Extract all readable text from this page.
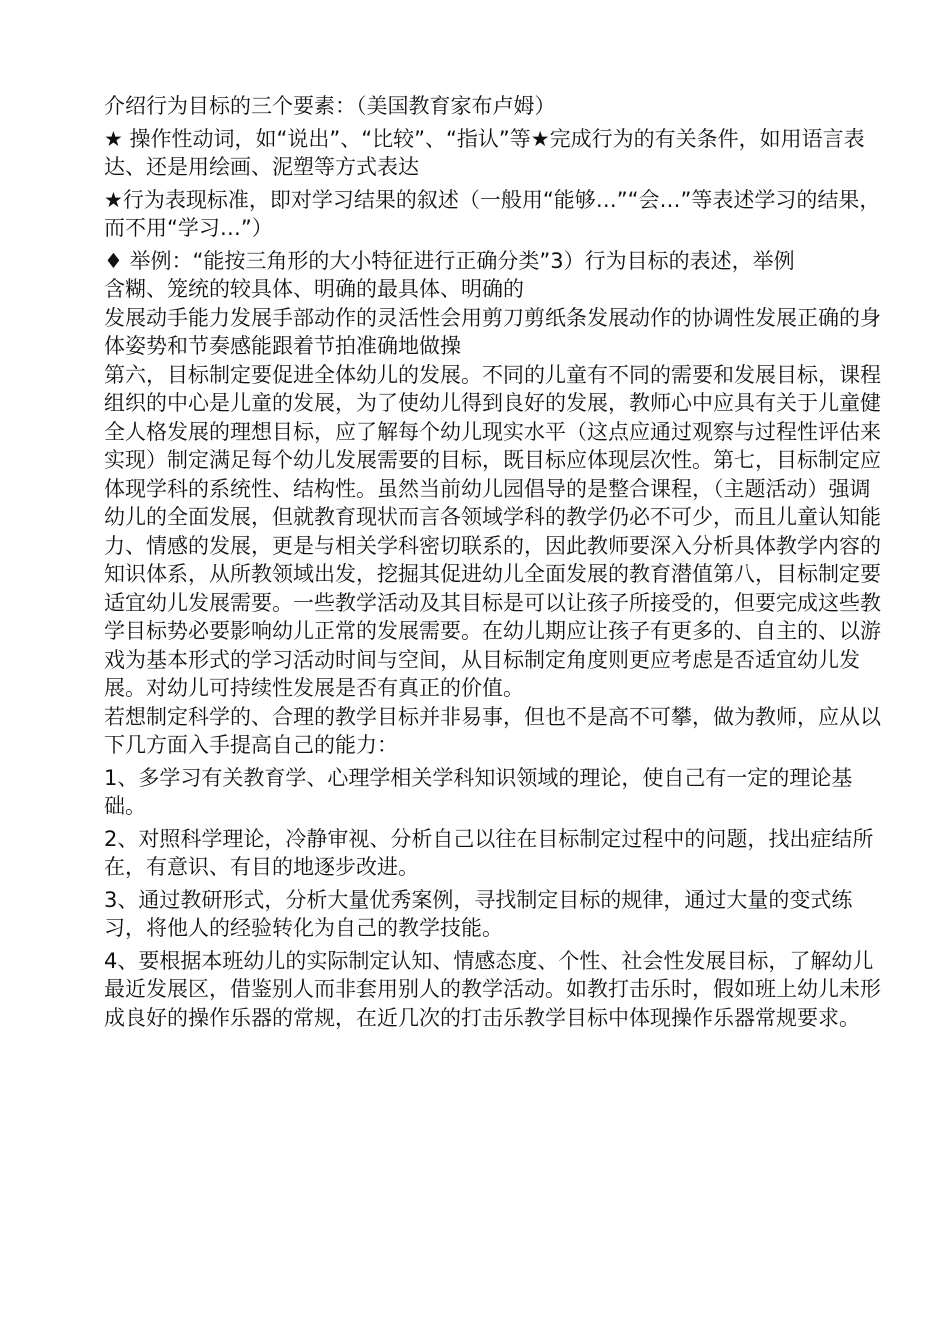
介绍行为目标的三个要素：（美国教育家布卢姆）

★ 操作性动词，如“说出”、“比较”、“指认”等★完成行为的有关条件，如用语言表达、还是用绘画、泥塑等方式表达

★行为表现标准，即对学习结果的叙述（一般用“能够…”“会…”等表述学习的结果，而不用“学习…”）

♦ 举例：“能按三角形的大小特征进行正确分类”3）行为目标的表述，举例

含糊、笼统的较具体、明确的最具体、明确的

发展动手能力发展手部动作的灵活性会用剪刀剪纸条发展动作的协调性发展正确的身体姿势和节奏感能跟着节拍准确地做操

第六，目标制定要促进全体幼儿的发展。不同的儿童有不同的需要和发展目标，课程组织的中心是儿童的发展，为了使幼儿得到良好的发展，教师心中应具有关于儿童健全人格发展的理想目标，应了解每个幼儿现实水平（这点应通过观察与过程性评估来实现）制定满足每个幼儿发展需要的目标，既目标应体现层次性。第七，目标制定应体现学科的系统性、结构性。虽然当前幼儿园倡导的是整合课程，（主题活动）强调幼儿的全面发展，但就教育现状而言各领域学科的教学仍必不可少，而且儿童认知能力、情感的发展，更是与相关学科密切联系的，因此教师要深入分析具体教学内容的知识体系，从所教领域出发，挖掘其促进幼儿全面发展的教育潜值第八，目标制定要适宜幼儿发展需要。一些教学活动及其目标是可以让孩子所接受的，但要完成这些教学目标势必要影响幼儿正常的发展需要。在幼儿期应让孩子有更多的、自主的、以游戏为基本形式的学习活动时间与空间，从目标制定角度则更应考虑是否适宜幼儿发展。对幼儿可持续性发展是否有真正的价值。

若想制定科学的、合理的教学目标并非易事，但也不是高不可攀，做为教师，应从以下几方面入手提高自己的能力：

1、多学习有关教育学、心理学相关学科知识领域的理论，使自己有一定的理论基础。

2、对照科学理论，冷静审视、分析自己以往在目标制定过程中的问题，找出症结所在，有意识、有目的地逐步改进。

3、通过教研形式，分析大量优秀案例，寻找制定目标的规律，通过大量的变式练习，将他人的经验转化为自己的教学技能。

4、要根据本班幼儿的实际制定认知、情感态度、个性、社会性发展目标，了解幼儿最近发展区，借鉴别人而非套用别人的教学活动。如教打击乐时，假如班上幼儿未形成良好的操作乐器的常规，在近几次的打击乐教学目标中体现操作乐器常规要求。
